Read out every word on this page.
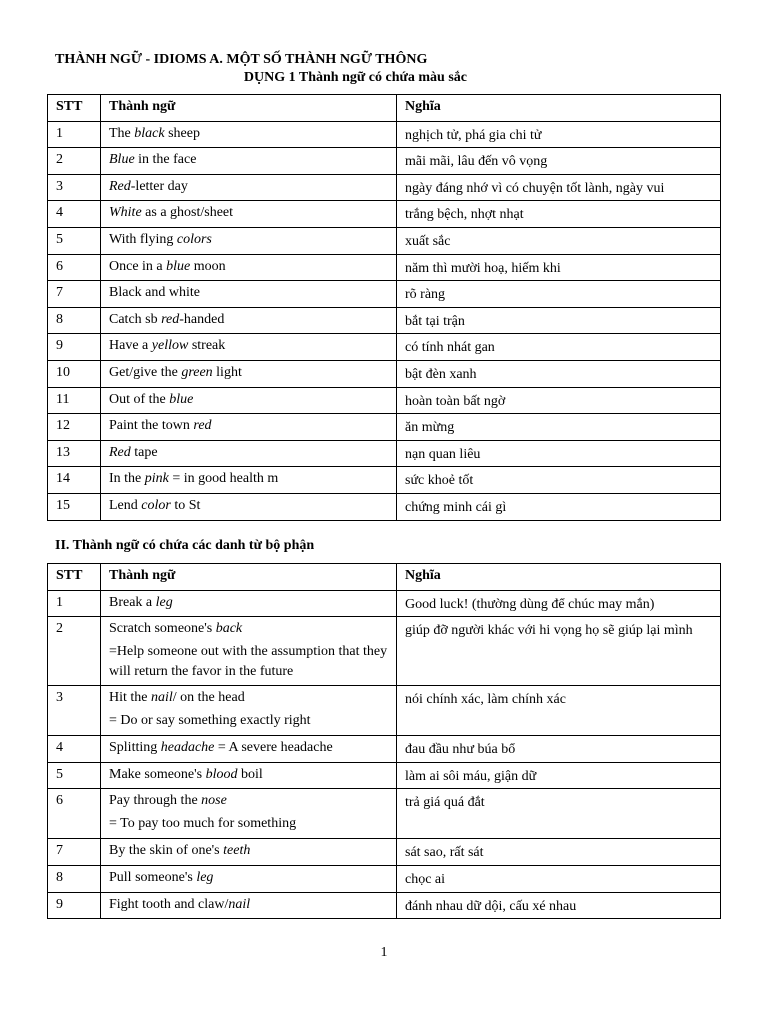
THÀNH NGỮ - IDIOMS A. MỘT SỐ THÀNH NGỮ THÔNG
DỤNG 1 Thành ngữ có chứa màu sắc
STT	Thành ngữ	Nghĩa
1	The black sheep	nghịch tử, phá gia chi tử
2	Blue in the face	mãi mãi, lâu đến vô vọng
3	Red-letter day	ngày đáng nhớ vì có chuyện tốt lành, ngày vui
4	White as a ghost/sheet	trắng bệch, nhợt nhạt
5	With flying colors	xuất sắc
6	Once in a blue moon	năm thì mười hoạ, hiếm khi
7	Black and white	rõ ràng
8	Catch sb red-handed	bắt tại trận
9	Have a yellow streak	có tính nhát gan
10	Get/give the green light	bật đèn xanh
11	Out of the blue	hoàn toàn bất ngờ
12	Paint the town red	ăn mừng
13	Red tape	nạn quan liêu
14	In the pink = in good health m	sức khoẻ tốt
15	Lend color to St	chứng minh cái gì
II. Thành ngữ có chứa các danh từ bộ phận
STT	Thành ngữ	Nghĩa
1	Break a leg	Good luck! (thường dùng để chúc may mắn)
2	Scratch someone's back
=Help someone out with the assumption that they will return the favor in the future	giúp đỡ người khác với hi vọng họ sẽ giúp lại mình
3	Hit the nail/ on the head
= Do or say something exactly right	nói chính xác, làm chính xác
4	Splitting headache = A severe headache	đau đầu như búa bổ
5	Make someone's blood boil	làm ai sôi máu, giận dữ
6	Pay through the nose
= To pay too much for something	trả giá quá đắt
7	By the skin of one's teeth	sát sao, rất sát
8	Pull someone's leg	chọc ai
9	Fight tooth and claw/nail	đánh nhau dữ dội, cấu xé nhau
1
